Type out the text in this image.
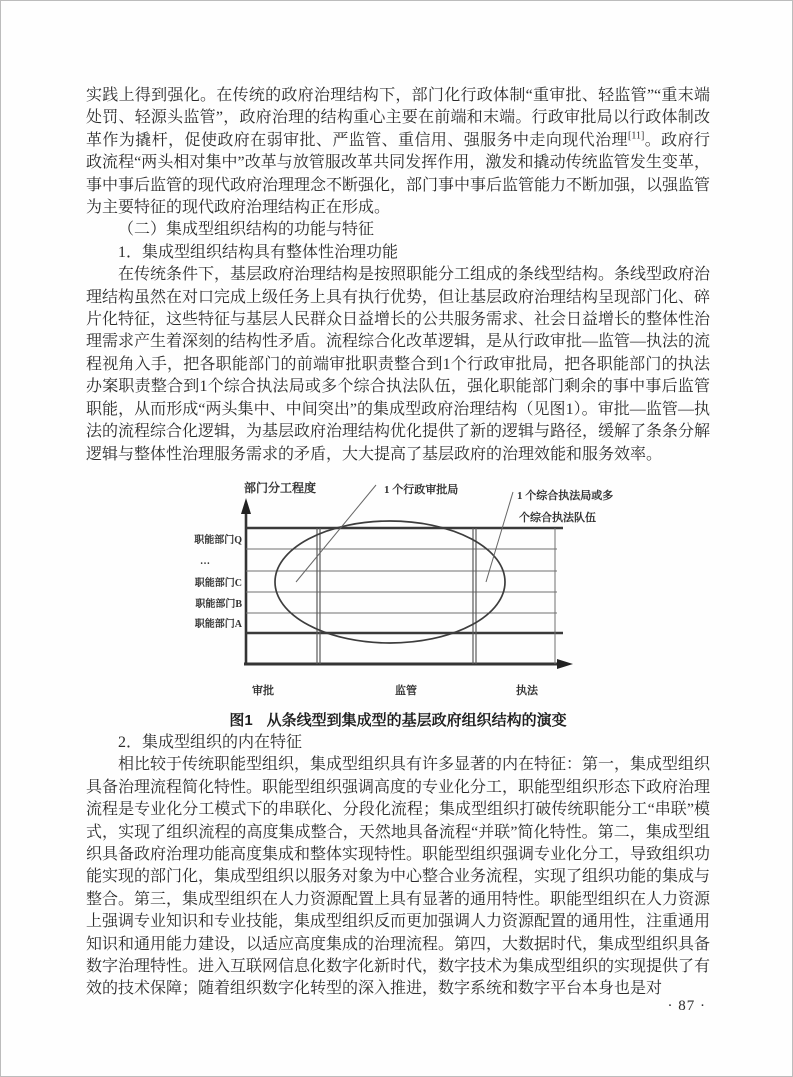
实践上得到强化。在传统的政府治理结构下，部门化行政体制“重审批、轻监管”“重末端处罚、轻源头监管”，政府治理的结构重心主要在前端和末端。行政审批局以行政体制改革作为撬杆，促使政府在弱审批、严监管、重信用、强服务中走向现代治理[11]。政府行政流程“两头相对集中”改革与放管服改革共同发挥作用，激发和撬动传统监管发生变革，事中事后监管的现代政府治理理念不断强化，部门事中事后监管能力不断加强，以强监管为主要特征的现代政府治理结构正在形成。

（二）集成型组织结构的功能与特征

1．集成型组织结构具有整体性治理功能

在传统条件下，基层政府治理结构是按照职能分工组成的条线型结构。条线型政府治理结构虽然在对口完成上级任务上具有执行优势，但让基层政府治理结构呈现部门化、碎片化特征，这些特征与基层人民群众日益增长的公共服务需求、社会日益增长的整体性治理需求产生着深刻的结构性矛盾。流程综合化改革逻辑，是从行政审批—监管—执法的流程视角入手，把各职能部门的前端审批职责整合到1个行政审批局，把各职能部门的执法办案职责整合到1个综合执法局或多个综合执法队伍，强化职能部门剩余的事中事后监管职能，从而形成“两头集中、中间突出”的集成型政府治理结构（见图1）。审批—监管—执法的流程综合化逻辑，为基层政府治理结构优化提供了新的逻辑与路径，缓解了条条分解逻辑与整体性治理服务需求的矛盾，大大提高了基层政府的治理效能和服务效率。

部门分工程度	1 个行政审批局	1 个综合执法局或多
个综合执法队伍
职能部门Q
…
职能部门C
职能部门B
职能部门A
审批	监管	执法
图1 从条线型到集成型的基层政府组织结构的演变

2．集成型组织的内在特征

相比较于传统职能型组织，集成型组织具有许多显著的内在特征：第一，集成型组织具备治理流程简化特性。职能型组织强调高度的专业化分工，职能型组织形态下政府治理流程是专业化分工模式下的串联化、分段化流程；集成型组织打破传统职能分工“串联”模式，实现了组织流程的高度集成整合，天然地具备流程“并联”简化特性。第二，集成型组织具备政府治理功能高度集成和整体实现特性。职能型组织强调专业化分工，导致组织功能实现的部门化，集成型组织以服务对象为中心整合业务流程，实现了组织功能的集成与整合。第三，集成型组织在人力资源配置上具有显著的通用特性。职能型组织在人力资源上强调专业知识和专业技能，集成型组织反而更加强调人力资源配置的通用性，注重通用知识和通用能力建设，以适应高度集成的治理流程。第四，大数据时代，集成型组织具备数字治理特性。进入互联网信息化数字化新时代，数字技术为集成型组织的实现提供了有效的技术保障；随着组织数字化转型的深入推进，数字系统和数字平台本身也是对

· 87 ·
